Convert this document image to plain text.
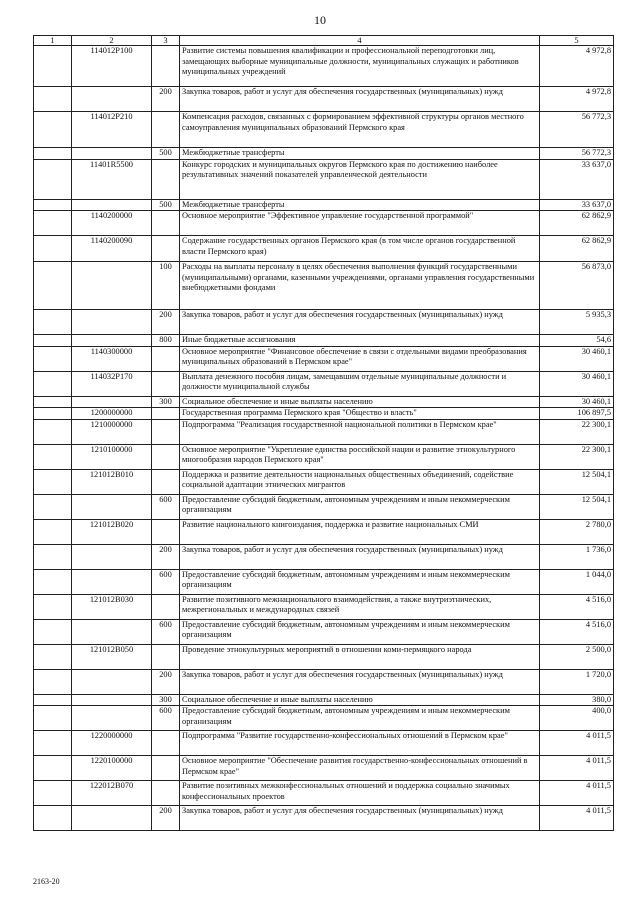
10
1	2	3	4	5
	114012P100		Развитие системы повышения квалификации и профессиональной переподготовки лиц, замещающих выборные муниципальные должности, муниципальных служащих и работников муниципальных учреждений	4 972,8
		200	Закупка товаров, работ и услуг для обеспечения государственных (муниципальных) нужд	4 972,8
	114012P210		Компенсация расходов, связанных с формированием эффективной структуры органов местного самоуправления муниципальных образований Пермского края	56 772,3
		500	Межбюджетные трансферты	56 772,3
	11401R5500		Конкурс городских и муниципальных округов Пермского края по достижению наиболее результативных значений показателей управленческой деятельности	33 637,0
		500	Межбюджетные трансферты	33 637,0
	1140200000		Основное мероприятие "Эффективное управление государственной программой"	62 862,9
	1140200090		Содержание государственных органов Пермского края (в том числе органов государственной власти Пермского края)	62 862,9
		100	Расходы на выплаты персоналу в целях обеспечения выполнения функций государственными (муниципальными) органами, казенными учреждениями, органами управления государственными внебюджетными фондами	56 873,0
		200	Закупка товаров, работ и услуг для обеспечения государственных (муниципальных) нужд	5 935,3
		800	Иные бюджетные ассигнования	54,6
	1140300000		Основное мероприятие "Финансовое обеспечение в связи с отдельными видами преобразования муниципальных образований в Пермском крае"	30 460,1
	114032P170		Выплата денежного пособия лицам, замещавшим отдельные муниципальные должности и должности муниципальной службы	30 460,1
		300	Социальное обеспечение и иные выплаты населению	30 460,1
	1200000000		Государственная программа Пермского края "Общество и власть"	106 897,5
	1210000000		Подпрограмма "Реализация государственной национальной политики в Пермском крае"	22 300,1
	1210100000		Основное мероприятие "Укрепление единства российской нации и развитие этнокультурного многообразия народов Пермского края"	22 300,1
	121012В010		Поддержка и развитие деятельности национальных общественных объединений, содействие социальной адаптации этнических мигрантов	12 504,1
		600	Предоставление субсидий бюджетным, автономным учреждениям и иным некоммерческим организациям	12 504,1
	121012В020		Развитие национального книгоиздания, поддержка и развитие национальных СМИ	2 780,0
		200	Закупка товаров, работ и услуг для обеспечения государственных (муниципальных) нужд	1 736,0
		600	Предоставление субсидий бюджетным, автономным учреждениям и иным некоммерческим организациям	1 044,0
	121012В030		Развитие позитивного межнационального взаимодействия, а также внутриэтнических, межрегиональных и международных связей	4 516,0
		600	Предоставление субсидий бюджетным, автономным учреждениям и иным некоммерческим организациям	4 516,0
	121012В050		Проведение этнокультурных мероприятий в отношении коми-пермяцкого народа	2 500,0
		200	Закупка товаров, работ и услуг для обеспечения государственных (муниципальных) нужд	1 720,0
		300	Социальное обеспечение и иные выплаты населению	380,0
		600	Предоставление субсидий бюджетным, автономным учреждениям и иным некоммерческим организациям	400,0
	1220000000		Подпрограмма "Развитие государственно-конфессиональных отношений в Пермском крае"	4 011,5
	1220100000		Основное мероприятие "Обеспечение развития государственно-конфессиональных отношений в Пермском крае"	4 011,5
	122012В070		Развитие позитивных межконфессиональных отношений и поддержка социально значимых конфессиональных проектов	4 011,5
		200	Закупка товаров, работ и услуг для обеспечения государственных (муниципальных) нужд	4 011,5
2163-20
